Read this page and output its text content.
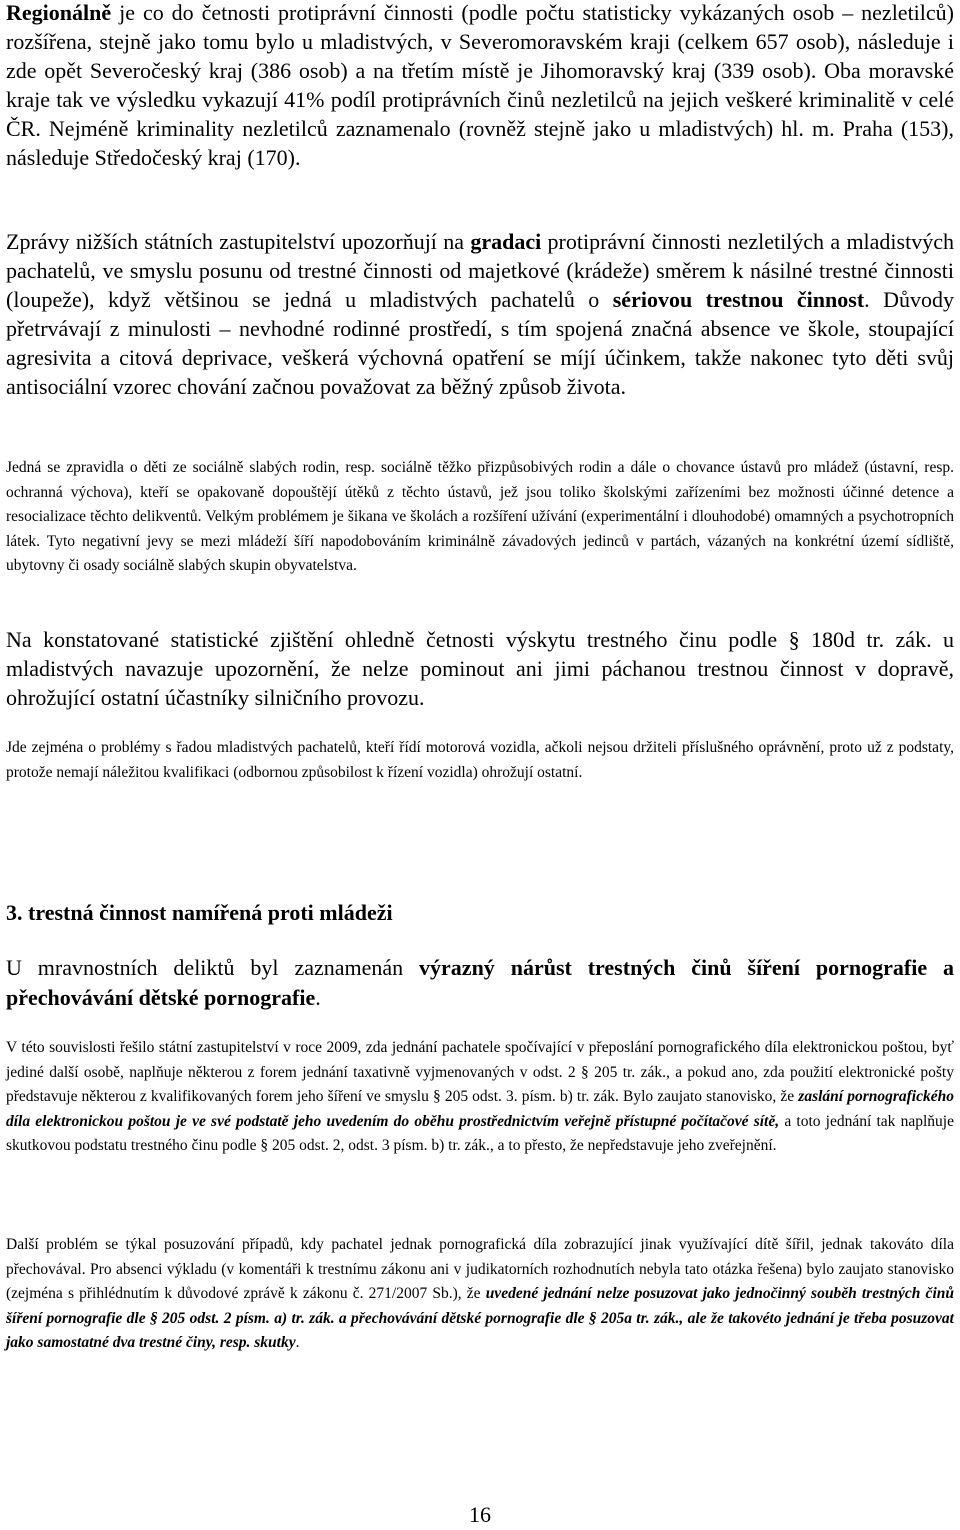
Regionálně je co do četnosti protiprávní činnosti (podle počtu statisticky vykázaných osob – nezletilců) rozšířena, stejně jako tomu bylo u mladistvých, v Severomoravském kraji (celkem 657 osob), následuje i zde opět Severočeský kraj (386 osob) a na třetím místě je Jihomoravský kraj (339 osob). Oba moravské kraje tak ve výsledku vykazují 41% podíl protiprávních činů nezletilců na jejich veškeré kriminalitě v celé ČR. Nejméně kriminality nezletilců zaznamenalo (rovněž stejně jako u mladistvých) hl. m. Praha (153), následuje Středočeský kraj (170).

Zprávy nižších státních zastupitelství upozorňují na gradaci protiprávní činnosti nezletilých a mladistvých pachatelů, ve smyslu posunu od trestné činnosti od majetkové (krádeže) směrem k násilné trestné činnosti (loupeže), když většinou se jedná u mladistvých pachatelů o sériovou trestnou činnost. Důvody přetrvávají z minulosti – nevhodné rodinné prostředí, s tím spojená značná absence ve škole, stoupající agresivita a citová deprivace, veškerá výchovná opatření se míjí účinkem, takže nakonec tyto děti svůj antisociální vzorec chování začnou považovat za běžný způsob života.

Jedná se zpravidla o děti ze sociálně slabých rodin, resp. sociálně těžko přizpůsobivých rodin a dále o chovance ústavů pro mládež (ústavní, resp. ochranná výchova), kteří se opakovaně dopouštějí útěků z těchto ústavů, jež jsou toliko školskými zařízeními bez možnosti účinné detence a resocializace těchto delikventů. Velkým problémem je šikana ve školách a rozšíření užívání (experimentální i dlouhodobé) omamných a psychotropních látek. Tyto negativní jevy se mezi mládeží šíří napodobováním kriminálně závadových jedinců v partách, vázaných na konkrétní území sídliště, ubytovny či osady sociálně slabých skupin obyvatelstva.

Na konstatované statistické zjištění ohledně četnosti výskytu trestného činu podle § 180d tr. zák. u mladistvých navazuje upozornění, že nelze pominout ani jimi páchanou trestnou činnost v dopravě, ohrožující ostatní účastníky silničního provozu.

Jde zejména o problémy s řadou mladistvých pachatelů, kteří řídí motorová vozidla, ačkoli nejsou držiteli příslušného oprávnění, proto už z podstaty, protože nemají náležitou kvalifikaci (odbornou způsobilost k řízení vozidla) ohrožují ostatní.

3. trestná činnost namířená proti mládeži

U mravnostních deliktů byl zaznamenán výrazný nárůst trestných činů šíření pornografie a přechovávání dětské pornografie.

V této souvislosti řešilo státní zastupitelství v roce 2009, zda jednání pachatele spočívající v přeposlání pornografického díla elektronickou poštou, byť jediné další osobě, naplňuje některou z forem jednání taxativně vyjmenovaných v odst. 2 § 205 tr. zák., a pokud ano, zda použití elektronické pošty představuje některou z kvalifikovaných forem jeho šíření ve smyslu § 205 odst. 3. písm. b) tr. zák. Bylo zaujato stanovisko, že zaslání pornografického díla elektronickou poštou je ve své podstatě jeho uvedením do oběhu prostřednictvím veřejně přístupné počítačové sítě, a toto jednání tak naplňuje skutkovou podstatu trestného činu podle § 205 odst. 2, odst. 3 písm. b) tr. zák., a to přesto, že nepředstavuje jeho zveřejnění.

Další problém se týkal posuzování případů, kdy pachatel jednak pornografická díla zobrazující jinak využívající dítě šířil, jednak takováto díla přechovával. Pro absenci výkladu (v komentáři k trestnímu zákonu ani v judikatorních rozhodnutích nebyla tato otázka řešena) bylo zaujato stanovisko (zejména s přihlédnutím k důvodové zprávě k zákonu č. 271/2007 Sb.), že uvedené jednání nelze posuzovat jako jednočinný souběh trestných činů šíření pornografie dle § 205 odst. 2 písm. a) tr. zák. a přechovávání dětské pornografie dle § 205a tr. zák., ale že takovéto jednání je třeba posuzovat jako samostatné dva trestné činy, resp. skutky.

16
